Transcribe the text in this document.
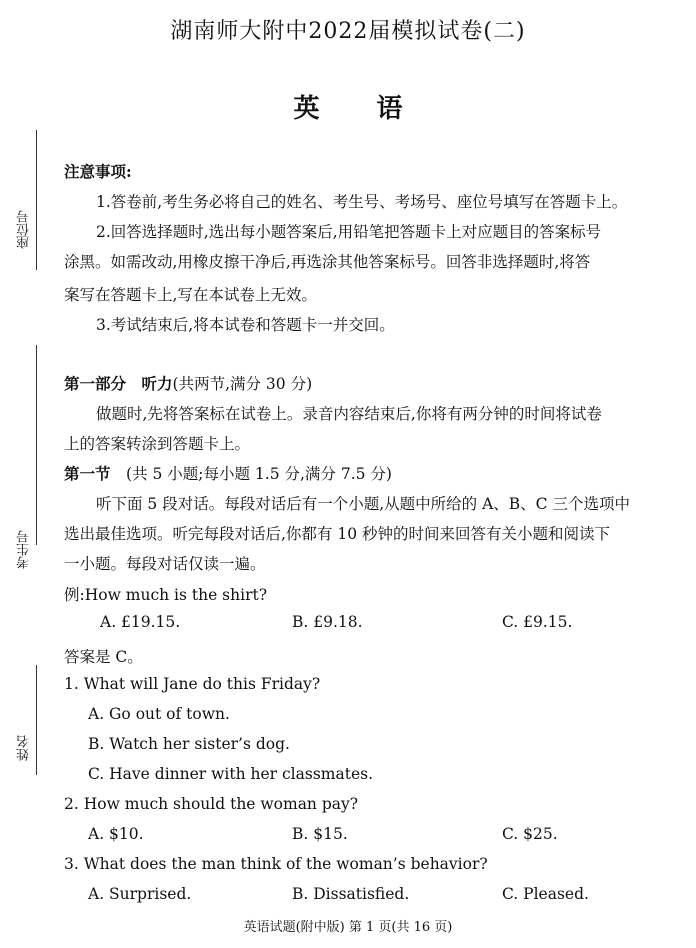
湖南师大附中2022届模拟试卷(二)
英 语
座位号
考生号
姓名
注意事项:
1.答卷前,考生务必将自己的姓名、考生号、考场号、座位号填写在答题卡上。
2.回答选择题时,选出每小题答案后,用铅笔把答题卡上对应题目的答案标号
涂黑。如需改动,用橡皮擦干净后,再选涂其他答案标号。回答非选择题时,将答
案写在答题卡上,写在本试卷上无效。
3.考试结束后,将本试卷和答题卡一并交回。
第一部分　听力(共两节,满分 30 分)
做题时,先将答案标在试卷上。录音内容结束后,你将有两分钟的时间将试卷
上的答案转涂到答题卡上。
第一节　(共 5 小题;每小题 1.5 分,满分 7.5 分)
听下面 5 段对话。每段对话后有一个小题,从题中所给的 A、B、C 三个选项中
选出最佳选项。听完每段对话后,你都有 10 秒钟的时间来回答有关小题和阅读下
一小题。每段对话仅读一遍。
例:How much is the shirt?
A. £19.15.	B. £9.18.	C. £9.15.
答案是 C。
1. What will Jane do this Friday?
A. Go out of town.
B. Watch her sister’s dog.
C. Have dinner with her classmates.
2. How much should the woman pay?
A. $10.	B. $15.	C. $25.
3. What does the man think of the woman’s behavior?
A. Surprised.	B. Dissatisfied.	C. Pleased.
英语试题(附中版) 第 1 页(共 16 页)
